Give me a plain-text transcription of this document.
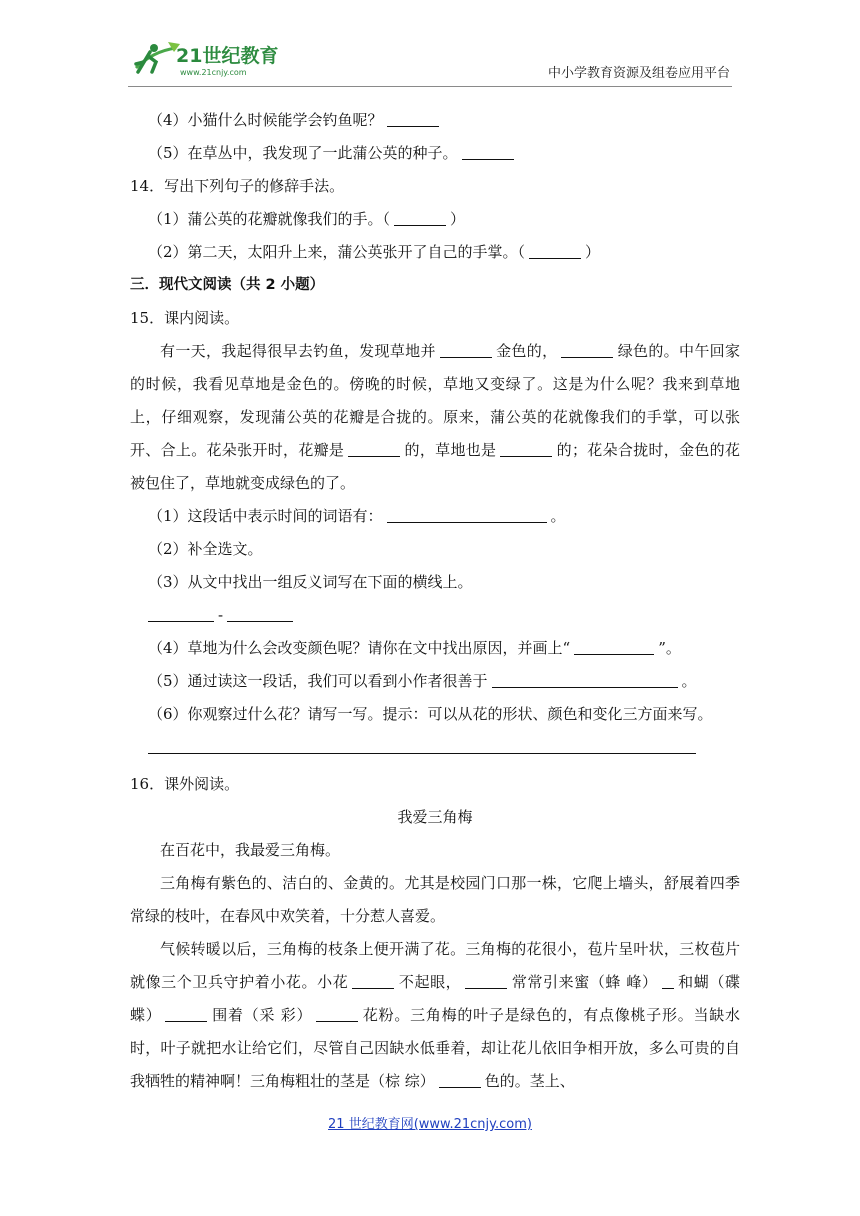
21世纪教育
www.21cnjy.com	中小学教育资源及组卷应用平台
（4）小猫什么时候能学会钓鱼呢？
（5）在草丛中，我发现了一此蒲公英的种子。
14．写出下列句子的修辞手法。
（1）蒲公英的花瓣就像我们的手。（	）
（2）第二天，太阳升上来，蒲公英张开了自己的手掌。（	）
三．现代文阅读（共 2 小题）
15．课内阅读。

有一天，我起得很早去钓鱼，发现草地并	金色的，	绿色的。中午回家的时候，我看见草地是金色的。傍晚的时候，草地又变绿了。这是为什么呢？我来到草地上，仔细观察，发现蒲公英的花瓣是合拢的。原来，蒲公英的花就像我们的手掌，可以张开、合上。花朵张开时，花瓣是	的，草地也是	的；花朵合拢时，金色的花被包住了，草地就变成绿色的了。

（1）这段话中表示时间的词语有：	。
（2）补全选文。
（3）从文中找出一组反义词写在下面的横线上。
-
（4）草地为什么会改变颜色呢？请你在文中找出原因，并画上“	”。
（5）通过读这一段话，我们可以看到小作者很善于	。
（6）你观察过什么花？请写一写。提示：可以从花的形状、颜色和变化三方面来写。
16．课外阅读。
我爱三角梅

在百花中，我最爱三角梅。

三角梅有紫色的、洁白的、金黄的。尤其是校园门口那一株，它爬上墙头，舒展着四季常绿的枝叶，在春风中欢笑着，十分惹人喜爱。

气候转暖以后，三角梅的枝条上便开满了花。三角梅的花很小，苞片呈叶状，三枚苞片就像三个卫兵守护着小花。小花	不起眼，	常常引来蜜（蜂 峰） 和蝴（碟 蝶）	围着（采 彩）	花粉。三角梅的叶子是绿色的，有点像桃子形。当缺水时，叶子就把水让给它们，尽管自己因缺水低垂着，却让花儿依旧争相开放，多么可贵的自我牺牲的精神啊！三角梅粗壮的茎是（棕 综）	色的。茎上、

21 世纪教育网(www.21cnjy.com)
